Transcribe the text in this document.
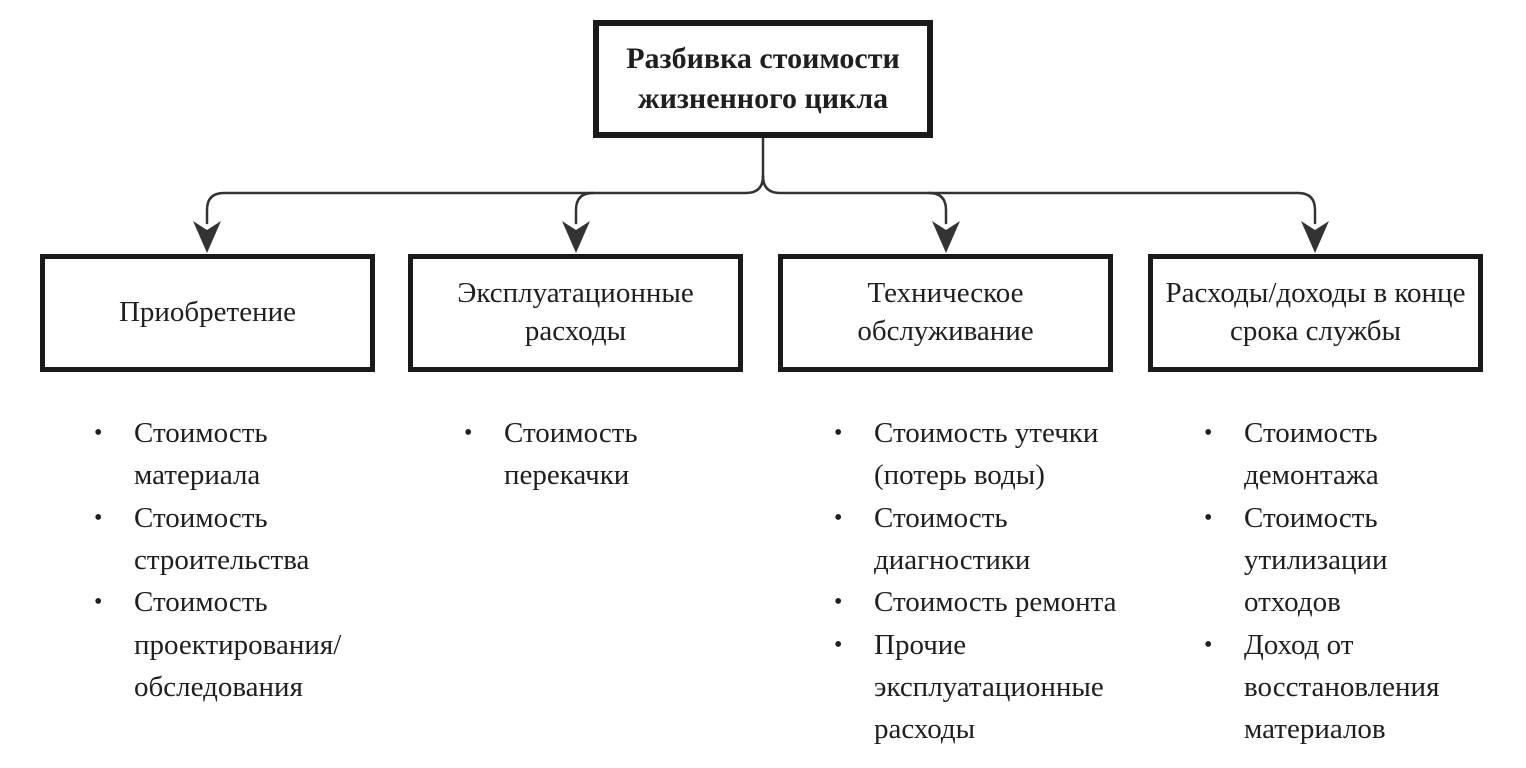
Разбивка стоимости жизненного цикла
Приобретение
Эксплуатационные расходы
Техническое обслуживание
Расходы/доходы в конце срока службы
•	Стоимость материала
•	Стоимость строительства
•	Стоимость проектирования/ обследования
•	Стоимость перекачки
•	Стоимость утечки (потерь воды)
•	Стоимость диагностики
•	Стоимость ремонта
•	Прочие эксплуатационные расходы
•	Стоимость демонтажа
•	Стоимость утилизации отходов
•	Доход от восстановления материалов
